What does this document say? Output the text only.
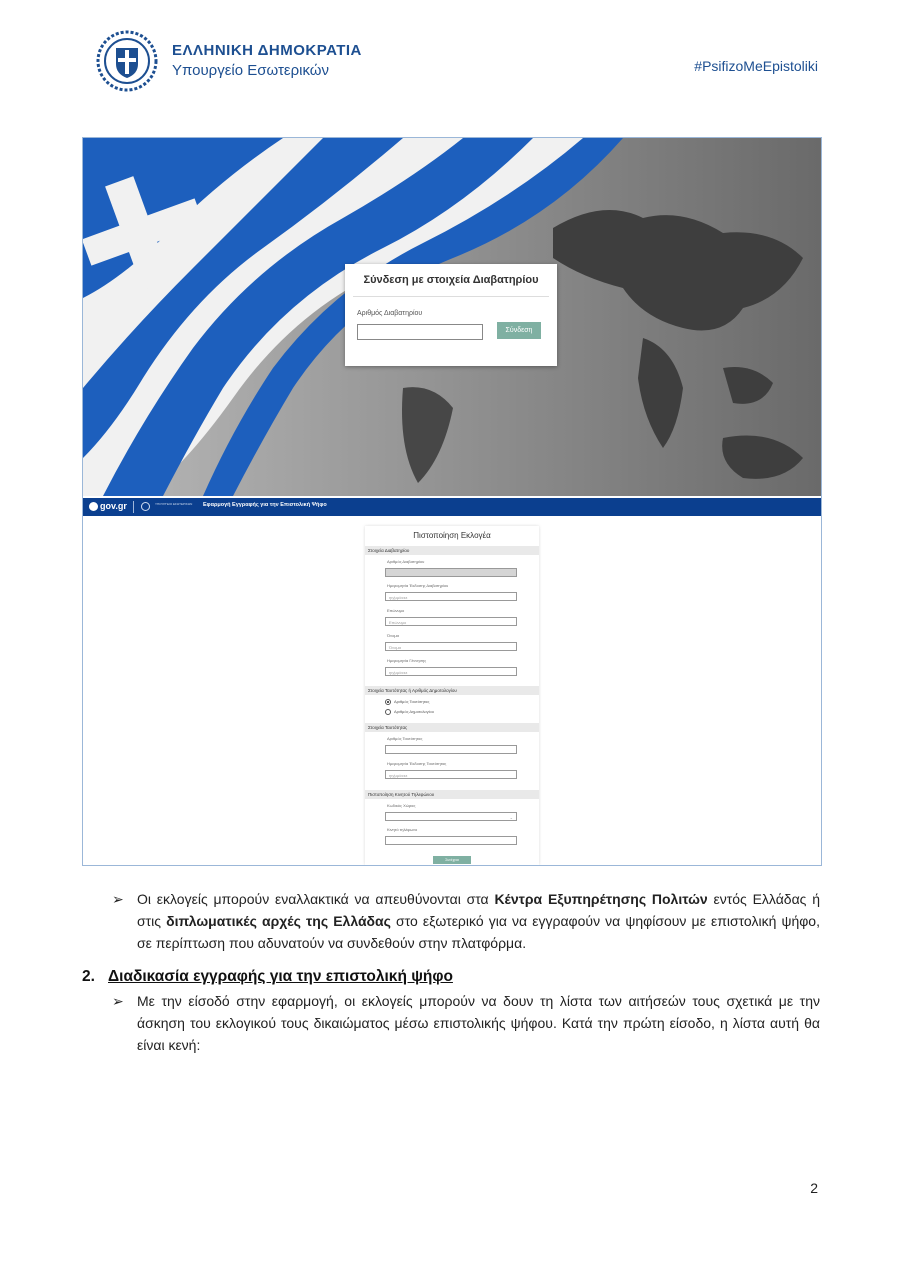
ΕΛΛΗΝΙΚΗ ΔΗΜΟΚΡΑΤΙΑ
Υπουργείο Εσωτερικών	#PsifizoMeEpistoliki
Σύνδεση με στοιχεία Διαβατηρίου
Αριθμός Διαβατηρίου
Σύνδεση
gov.gr	ΥΠΟΥΡΓΕΙΟ ΕΣΩΤΕΡΙΚΩΝ Εφαρμογή Εγγραφής για την Επιστολική Ψήφο
Πιστοποίηση Εκλογέα
Στοιχεία Διαβατηρίου
Αριθμός Διαβατηρίου
Ημερομηνία Έκδοσης Διαβατηρίου
ηη/μμ/εεεε
Επώνυμο
Επώνυμο
Όνομα
Όνομα
Ημερομηνία Γέννησης
ηη/μμ/εεεε
Στοιχεία Ταυτότητας ή Αριθμός Δημοτολογίου
Αριθμός Ταυτότητας
Αριθμός Δημοτολογίου
Στοιχεία Ταυτότητας
Αριθμός Ταυτότητας
Ημερομηνία Έκδοσης Ταυτότητας
ηη/μμ/εεεε
Πιστοποίηση Κινητού Τηλεφώνου
Κωδικός Χώρας
⌄
Κινητό τηλέφωνο
Συνέχεια
➢ Οι εκλογείς μπορούν εναλλακτικά να απευθύνονται στα Κέντρα Εξυπηρέτησης Πολιτών εντός Ελλάδας ή στις διπλωματικές αρχές της Ελλάδας στο εξωτερικό για να εγγραφούν να ψηφίσουν με επιστολική ψήφο, σε περίπτωση που αδυνατούν να συνδεθούν στην πλατφόρμα.
2. Διαδικασία εγγραφής για την επιστολική ψήφο
➢ Με την είσοδό στην εφαρμογή, οι εκλογείς μπορούν να δουν τη λίστα των αιτήσεών τους σχετικά με την άσκηση του εκλογικού τους δικαιώματος μέσω επιστολικής ψήφου. Κατά την πρώτη είσοδο, η λίστα αυτή θα είναι κενή:
2
